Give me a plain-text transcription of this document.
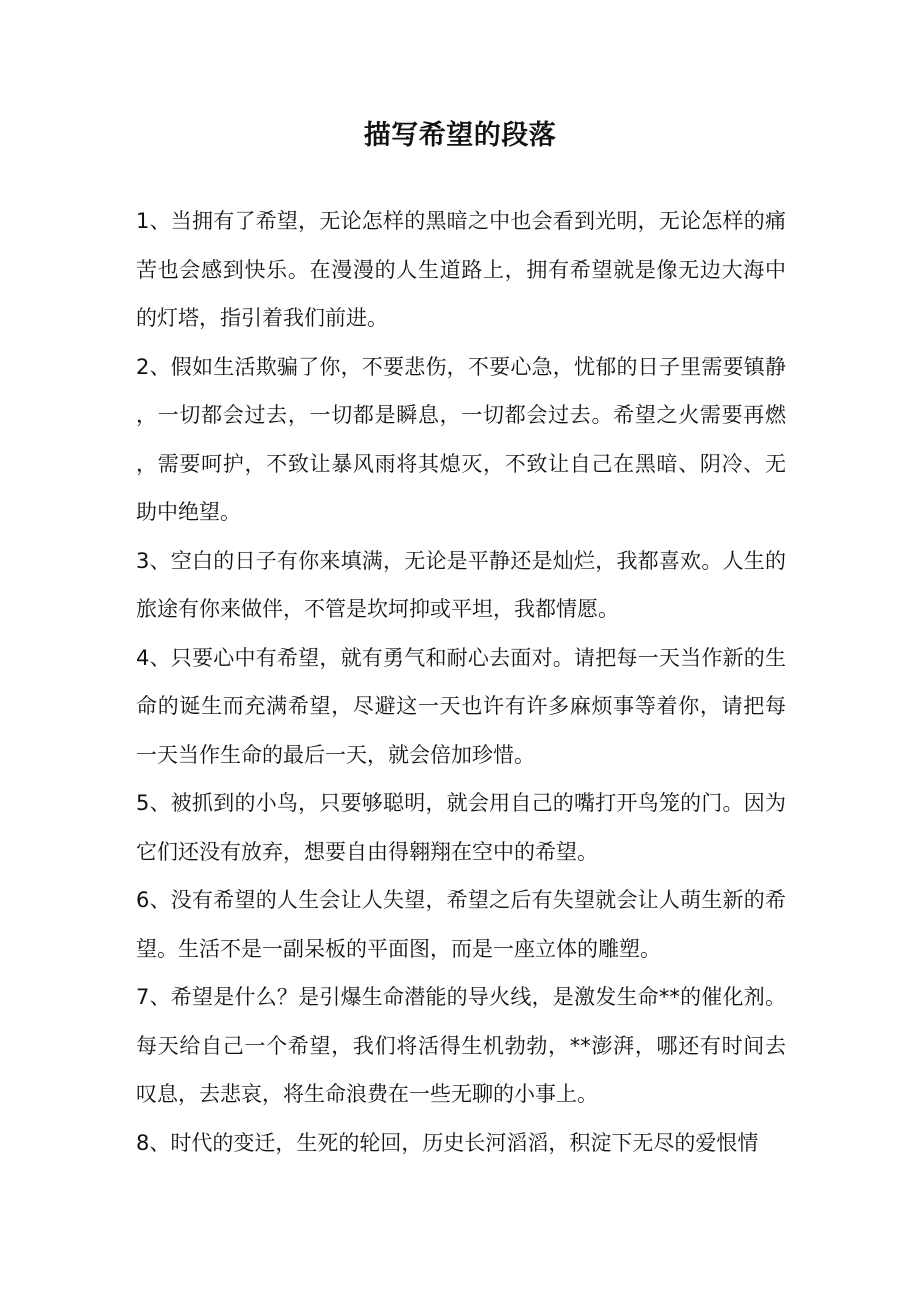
描写希望的段落

1、当拥有了希望，无论怎样的黑暗之中也会看到光明，无论怎样的痛苦也会感到快乐。在漫漫的人生道路上，拥有希望就是像无边大海中的灯塔，指引着我们前进。

2、假如生活欺骗了你，不要悲伤，不要心急，忧郁的日子里需要镇静，一切都会过去，一切都是瞬息，一切都会过去。希望之火需要再燃，需要呵护，不致让暴风雨将其熄灭，不致让自己在黑暗、阴冷、无助中绝望。

3、空白的日子有你来填满，无论是平静还是灿烂，我都喜欢。人生的旅途有你来做伴，不管是坎坷抑或平坦，我都情愿。

4、只要心中有希望，就有勇气和耐心去面对。请把每一天当作新的生命的诞生而充满希望，尽避这一天也许有许多麻烦事等着你，请把每一天当作生命的最后一天，就会倍加珍惜。

5、被抓到的小鸟，只要够聪明，就会用自己的嘴打开鸟笼的门。因为它们还没有放弃，想要自由得翱翔在空中的希望。

6、没有希望的人生会让人失望，希望之后有失望就会让人萌生新的希望。生活不是一副呆板的平面图，而是一座立体的雕塑。

7、希望是什么？是引爆生命潜能的导火线，是激发生命**的催化剂。 每天给自己一个希望，我们将活得生机勃勃，**澎湃，哪还有时间去 叹息，去悲哀，将生命浪费在一些无聊的小事上。

8、时代的变迁，生死的轮回，历史长河滔滔，积淀下无尽的爱恨情
